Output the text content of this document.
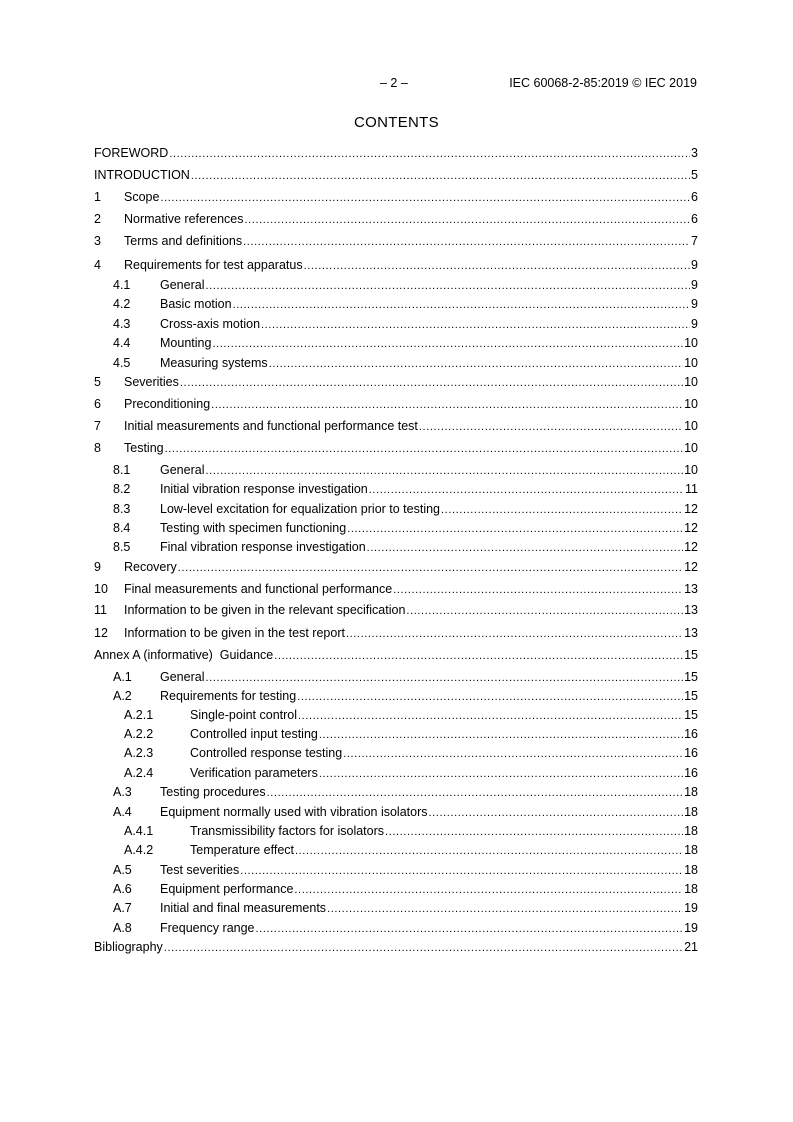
– 2 –	IEC 60068-2-85:2019 © IEC 2019
CONTENTS
FOREWORD .....	3
INTRODUCTION .....	5
1	Scope .....	6
2	Normative references .....	6
3	Terms and definitions .....	7
4	Requirements for test apparatus .....	9
4.1	General .....	9
4.2	Basic motion .....	9
4.3	Cross-axis motion .....	9
4.4	Mounting .....	10
4.5	Measuring systems .....	10
5	Severities .....	10
6	Preconditioning .....	10
7	Initial measurements and functional performance test .....	10
8	Testing .....	10
8.1	General .....	10
8.2	Initial vibration response investigation .....	11
8.3	Low-level excitation for equalization prior to testing .....	12
8.4	Testing with specimen functioning .....	12
8.5	Final vibration response investigation .....	12
9	Recovery .....	12
10	Final measurements and functional performance .....	13
11	Information to be given in the relevant specification .....	13
12	Information to be given in the test report .....	13
Annex A (informative)  Guidance .....	15
A.1	General .....	15
A.2	Requirements for testing .....	15
A.2.1	Single-point control .....	15
A.2.2	Controlled input testing .....	16
A.2.3	Controlled response testing .....	16
A.2.4	Verification parameters .....	16
A.3	Testing procedures .....	18
A.4	Equipment normally used with vibration isolators .....	18
A.4.1	Transmissibility factors for isolators .....	18
A.4.2	Temperature effect .....	18
A.5	Test severities .....	18
A.6	Equipment performance .....	18
A.7	Initial and final measurements .....	19
A.8	Frequency range .....	19
Bibliography .....	21
